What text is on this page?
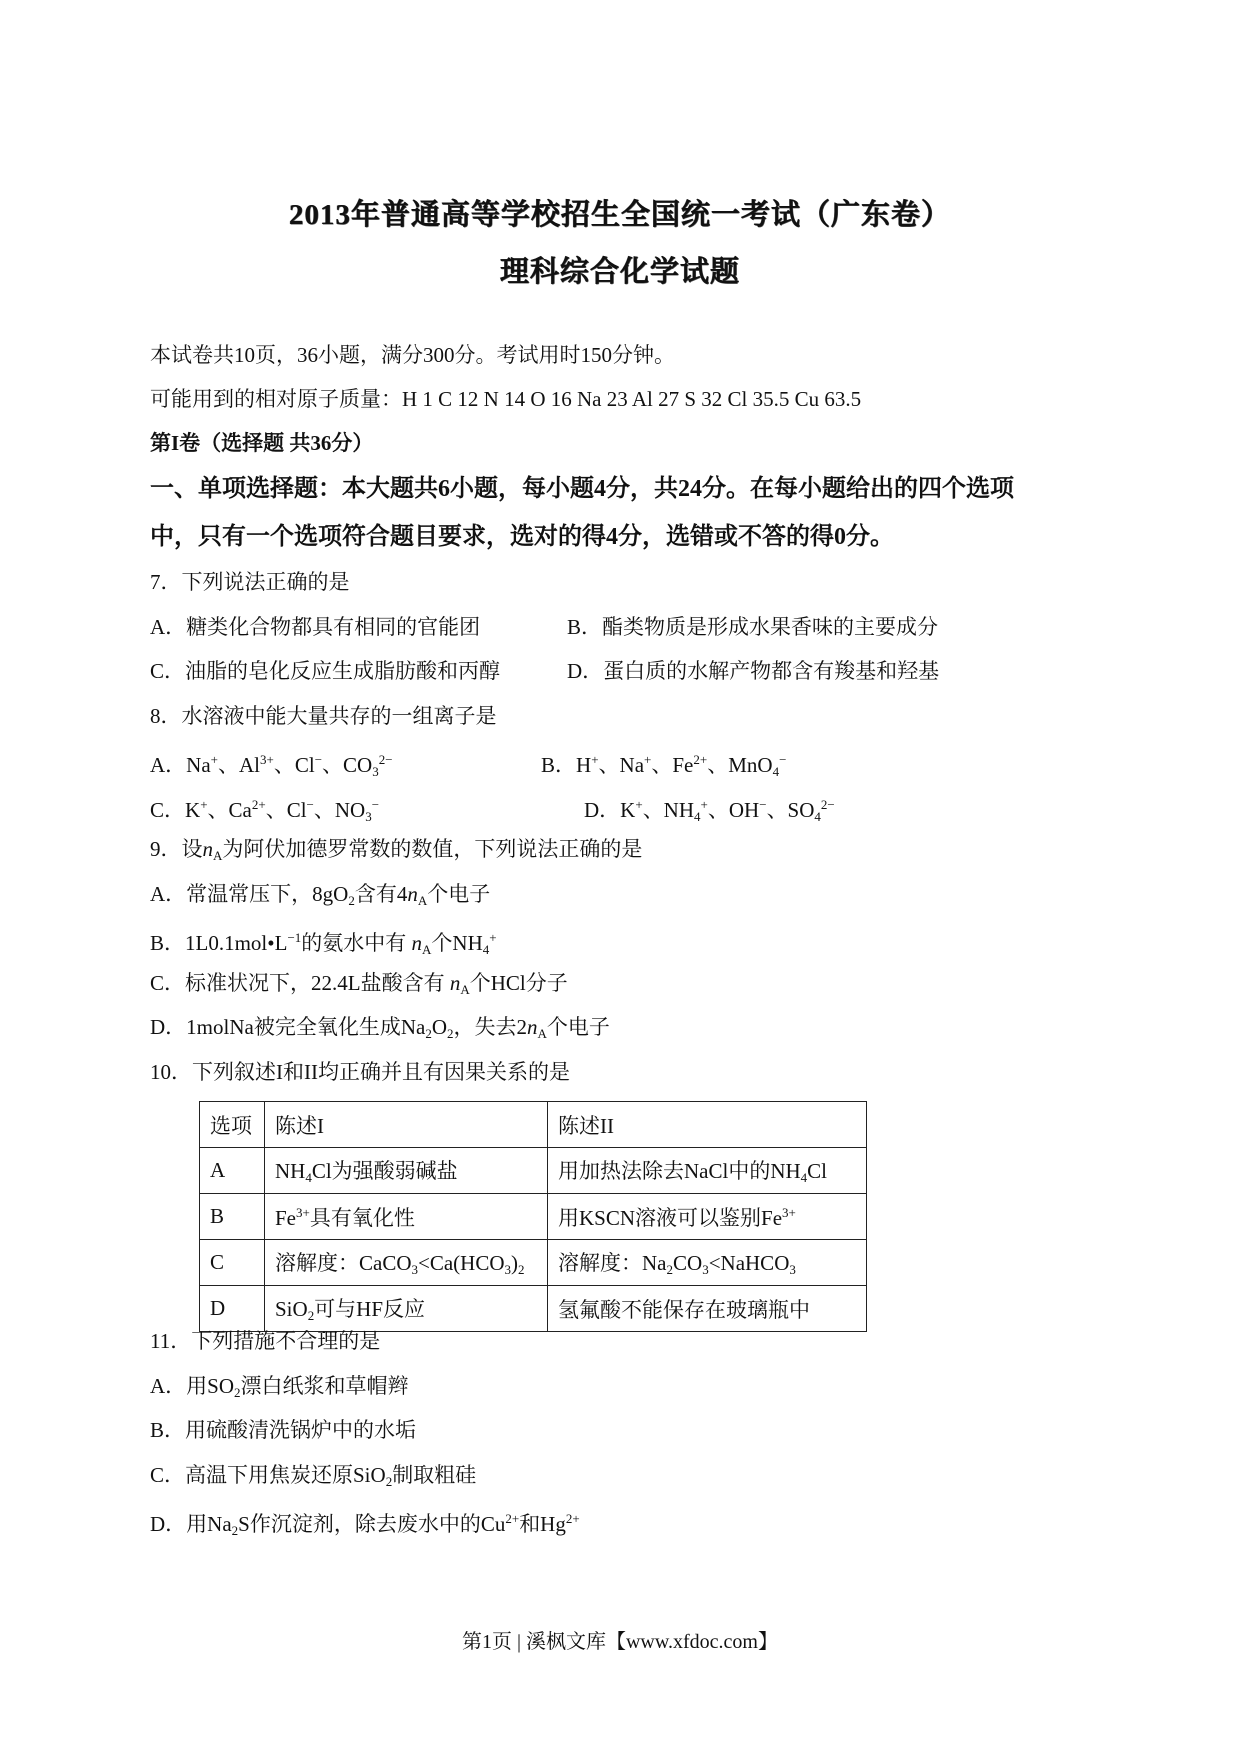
2013年普通高等学校招生全国统一考试（广东卷）
理科综合化学试题
本试卷共10页，36小题，满分300分。考试用时150分钟。
可能用到的相对原子质量：H 1 C 12 N 14 O 16 Na 23 Al 27 S 32 Cl 35.5 Cu 63.5
第I卷（选择题 共36分）
一、单项选择题：本大题共6小题，每小题4分，共24分。在每小题给出的四个选项
中，只有一个选项符合题目要求，选对的得4分，选错或不答的得0分。
7．下列说法正确的是
A．糖类化合物都具有相同的官能团	B．酯类物质是形成水果香味的主要成分
C．油脂的皂化反应生成脂肪酸和丙醇	D．蛋白质的水解产物都含有羧基和羟基
8．水溶液中能大量共存的一组离子是
A．Na+、$Al^{3+}$、Cl−、$CO_3^{2-}$	B．H+、Na+、$Fe^{2+}$、MnO$_4$−
C．K+、$Ca^{2+}$、Cl−、$NO_3^-$	D．K+、$NH_4^+$、OH−、$SO_4^{2-}$
9．设$n_A$为阿伏加德罗常数的数值，下列说法正确的是
A．常温常压下，$8gO_2$含有$4n_A$个电子
B．$1L0.1mol•L^{-1}$的氨水中有 $n_A$个$NH_4^+$
C．标准状况下，22.4L盐酸含有 $n_A$个HCl分子
D．1molNa被完全氧化生成$Na_2O_2$，失去$2n_A$个电子
10．下列叙述I和II均正确并且有因果关系的是
选项	陈述I	陈述II
A	$NH_4Cl$为强酸弱碱盐	用加热法除去NaCl中的$NH_4Cl$
B	$Fe^{3+}$具有氧化性	用KSCN溶液可以鉴别$Fe^{3+}$
C	溶解度：$CaCO_3<Ca(HCO_3)_2$	溶解度：$Na_2CO_3<NaHCO_3$
D	SiO$_2$可与HF反应	氢氟酸不能保存在玻璃瓶中
11．下列措施不合理的是
A．用$SO_2$漂白纸浆和草帽辫
B．用硫酸清洗锅炉中的水垢
C．高温下用焦炭还原SiO$_2$制取粗硅
D．用$Na_2S$作沉淀剂，除去废水中的$Cu^{2+}$和$Hg^{2+}$
第1页 | 溪枫文库【www.xfdoc.com】
